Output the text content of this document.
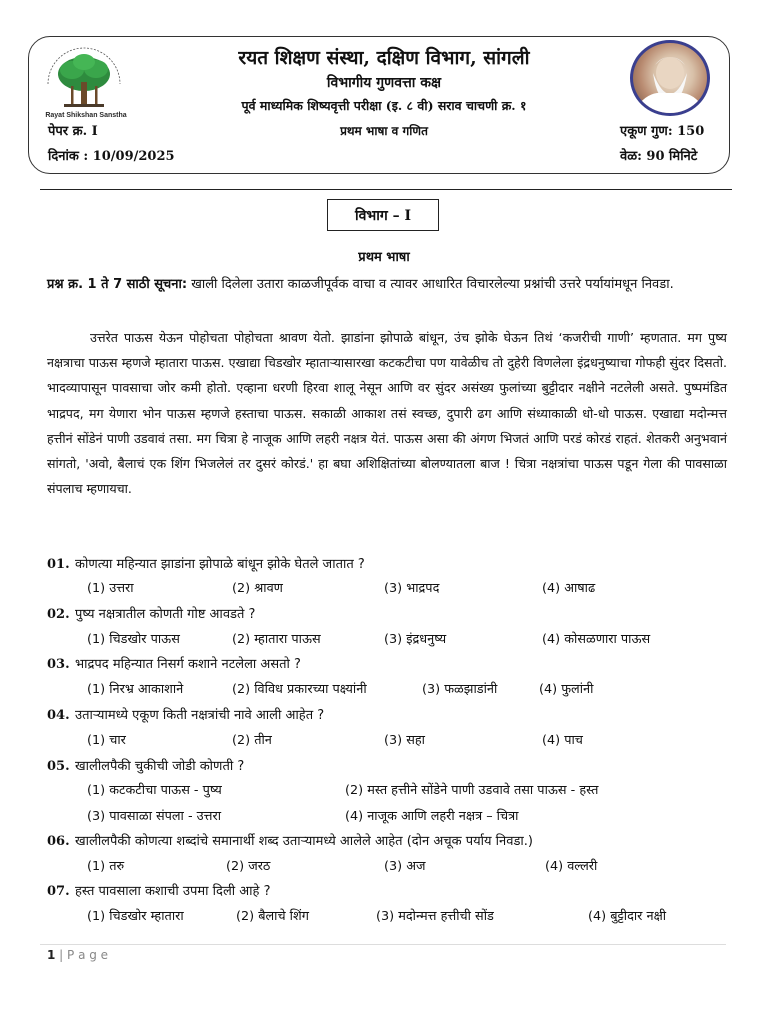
Rayat Shikshan Sanstha
रयत शिक्षण संस्था, दक्षिण विभाग, सांगली
विभागीय गुणवत्ता कक्ष
पूर्व माध्यमिक शिष्यवृत्ती परीक्षा (इ. ८ वी) सराव चाचणी क्र. १
प्रथम भाषा व गणित
पेपर क्र. I
दिनांक : 10/09/2025
एकूण गुण: 150
वेळ: 90 मिनिटे
विभाग – I
प्रथम भाषा
प्रश्न क्र. 1 ते 7 साठी सूचना: खाली दिलेला उतारा काळजीपूर्वक वाचा व त्यावर आधारित विचारलेल्या प्रश्नांची उत्तरे पर्यायांमधून निवडा.
उत्तरेत पाऊस येऊन पोहोचता पोहोचता श्रावण येतो. झाडांना झोपाळे बांधून, उंच झोके घेऊन तिथं ‘कजरीची गाणी’ म्हणतात. मग पुष्य नक्षत्राचा पाऊस म्हणजे म्हातारा पाऊस. एखाद्या चिडखोर म्हाताऱ्यासारखा कटकटीचा पण यावेळीच तो दुहेरी विणलेला इंद्रधनुष्याचा गोफही सुंदर दिसतो. भादव्यापासून पावसाचा जोर कमी होतो. एव्हाना धरणी हिरवा शालू नेसून आणि वर सुंदर असंख्य फुलांच्या बुट्टीदार नक्षीने नटलेली असते. पुष्पमंडित भाद्रपद, मग येणारा भोन पाऊस म्हणजे हस्ताचा पाऊस. सकाळी आकाश तसं स्वच्छ, दुपारी ढग आणि संध्याकाळी धो-धो पाऊस. एखाद्या मदोन्मत्त हत्तीनं सोंडेनं पाणी उडवावं तसा. मग चित्रा हे नाजूक आणि लहरी नक्षत्र येतं. पाऊस असा की अंगण भिजतं आणि परडं कोरडं राहतं. शेतकरी अनुभवानं सांगतो, 'अवो, बैलाचं एक शिंग भिजलेलं तर दुसरं कोरडं.' हा बघा अशिक्षितांच्या बोलण्यातला बाज ! चित्रा नक्षत्रांचा पाऊस पडून गेला की पावसाळा संपलाच म्हणायचा.
01. कोणत्या महिन्यात झाडांना झोपाळे बांधून झोके घेतले जातात ?
(1) उत्तरा	(2) श्रावण	(3) भाद्रपद	(4) आषाढ
02. पुष्य नक्षत्रातील कोणती गोष्ट आवडते ?
(1) चिडखोर पाऊस	(2) म्हातारा पाऊस	(3) इंद्रधनुष्य	(4) कोसळणारा पाऊस
03. भाद्रपद महिन्यात निसर्ग कशाने नटलेला असतो ?
(1) निरभ्र आकाशाने	(2) विविध प्रकारच्या पक्ष्यांनी	(3) फळझाडांनी	(4) फुलांनी
04. उताऱ्यामध्ये एकूण किती नक्षत्रांची नावे आली आहेत ?
(1) चार	(2) तीन	(3) सहा	(4) पाच
05. खालीलपैकी चुकीची जोडी कोणती ?
(1) कटकटीचा पाऊस - पुष्य	(2) मस्त हत्तीने सोंडेने पाणी उडवावे तसा पाऊस - हस्त
(3) पावसाळा संपला - उत्तरा	(4) नाजूक आणि लहरी नक्षत्र – चित्रा
06. खालीलपैकी कोणत्या शब्दांचे समानार्थी शब्द उताऱ्यामध्ये आलेले आहेत (दोन अचूक पर्याय निवडा.)
(1) तरु	(2) जरठ	(3) अज	(4) वल्लरी
07. हस्त पावसाला कशाची उपमा दिली आहे ?
(1) चिडखोर म्हातारा	(2) बैलाचे शिंग	(3) मदोन्मत्त हत्तीची सोंड	(4) बुट्टीदार नक्षी
1 | P a g e
